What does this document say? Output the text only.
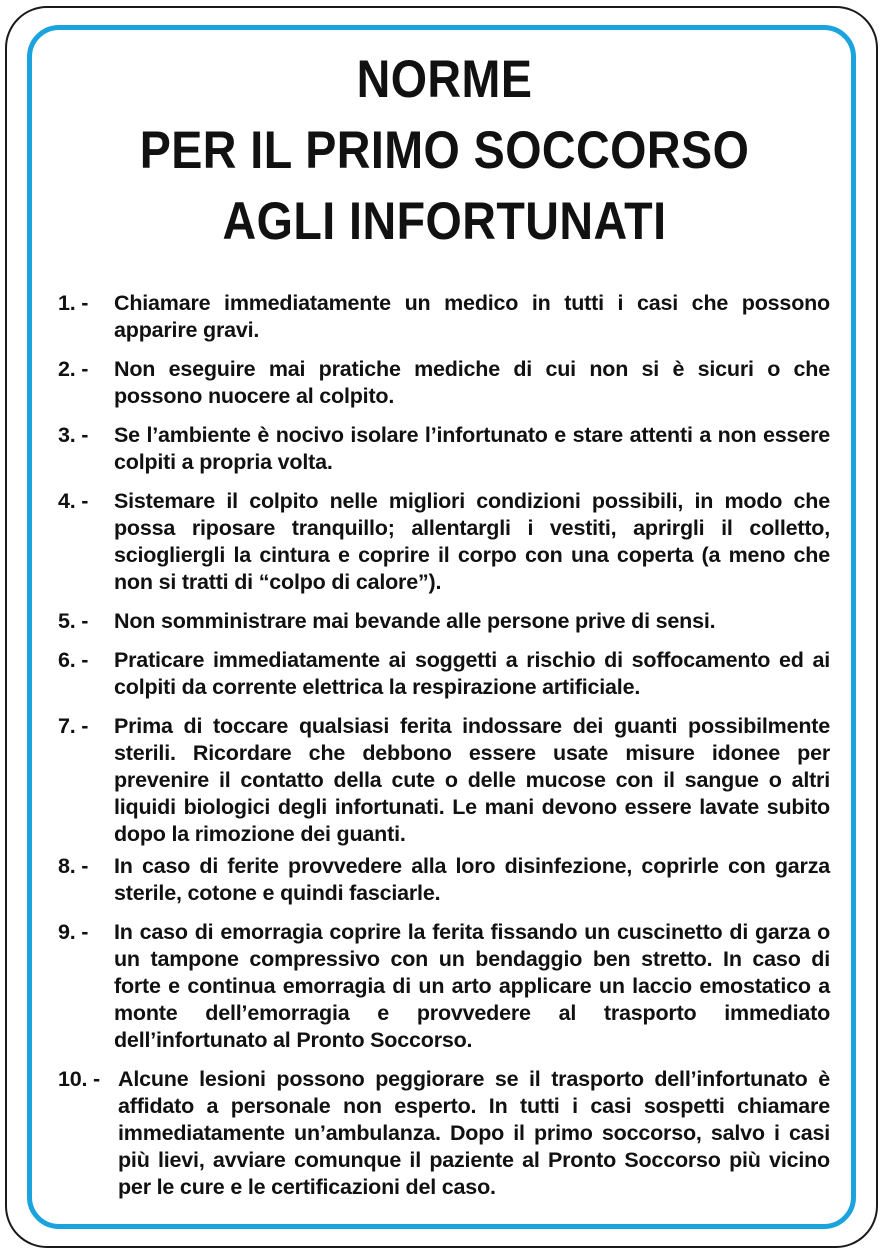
NORME
PER IL PRIMO SOCCORSO
AGLI INFORTUNATI
1. -	Chiamare immediatamente un medico in tutti i casi che possono apparire gravi.
2. -	Non eseguire mai pratiche mediche di cui non si è sicuri o che possono nuocere al colpito.
3. -	Se l’ambiente è nocivo isolare l’infortunato e stare attenti a non essere colpiti a propria volta.
4. -	Sistemare il colpito nelle migliori condizioni possibili, in modo che possa riposare tranquillo; allentargli i vestiti, aprirgli il colletto, sciogliergli la cintura e coprire il corpo con una coperta (a meno che non si tratti di “colpo di calore”).
5. -	Non somministrare mai bevande alle persone prive di sensi.
6. -	Praticare immediatamente ai soggetti a rischio di soffocamento ed ai colpiti da corrente elettrica la respirazione artificiale.
7. -	Prima di toccare qualsiasi ferita indossare dei guanti possibilmente sterili. Ricordare che debbono essere usate misure idonee per prevenire il contatto della cute o delle mucose con il sangue o altri liquidi biologici degli infortunati. Le mani devono essere lavate subito dopo la rimozione dei guanti.
8. -	In caso di ferite provvedere alla loro disinfezione, coprirle con garza sterile, cotone e quindi fasciarle.
9. -	In caso di emorragia coprire la ferita fissando un cuscinetto di garza o un tampone compressivo con un bendaggio ben stretto. In caso di forte e continua emorragia di un arto applicare un laccio emostatico a monte dell’emorragia e provvedere al trasporto immediato dell’infortunato al Pronto Soccorso.
10. - Alcune lesioni possono peggiorare se il trasporto dell’infortunato è affidato a personale non esperto. In tutti i casi sospetti chiamare immediatamente un’ambulanza. Dopo il primo soccorso, salvo i casi più lievi, avviare comunque il paziente al Pronto Soccorso più vicino per le cure e le certificazioni del caso.
